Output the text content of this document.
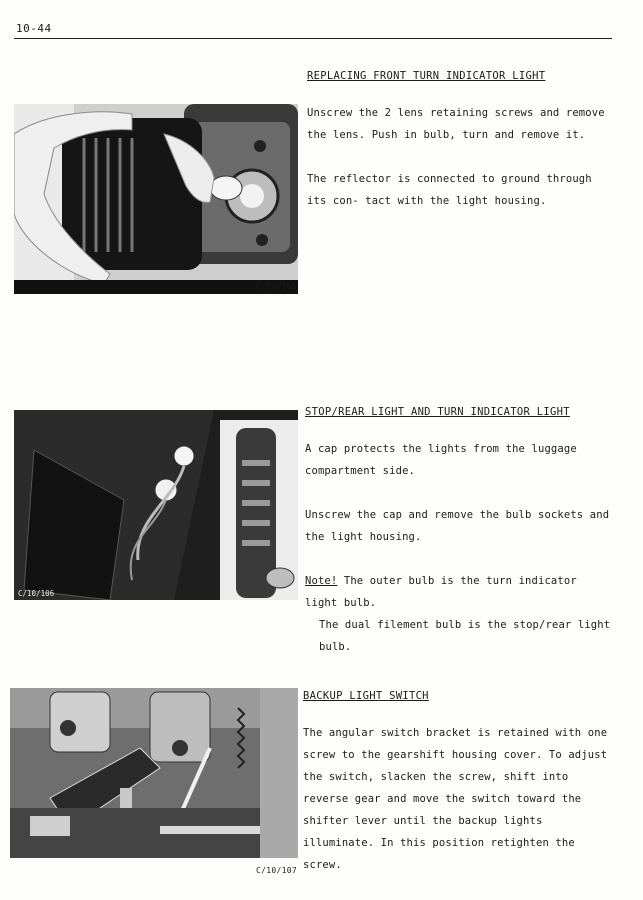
10-44
C/10/105
REPLACING FRONT TURN INDICATOR LIGHT

Unscrew the 2 lens retaining screws and remove the lens. Push in bulb, turn and remove it.

The reflector is connected to ground through its con- tact with the light housing.

C/10/106
STOP/REAR LIGHT AND TURN INDICATOR LIGHT

A cap protects the lights from the luggage compartment side.

Unscrew the cap and remove the bulb sockets and the light housing.

Note! The outer bulb is the turn indicator light bulb.
The dual filement bulb is the stop/rear light bulb.

C/10/107
BACKUP LIGHT SWITCH

The angular switch bracket is retained with one screw to the gearshift housing cover. To adjust the switch, slacken the screw, shift into reverse gear and move the switch toward the shifter lever until the backup lights illuminate. In this position retighten the screw.
